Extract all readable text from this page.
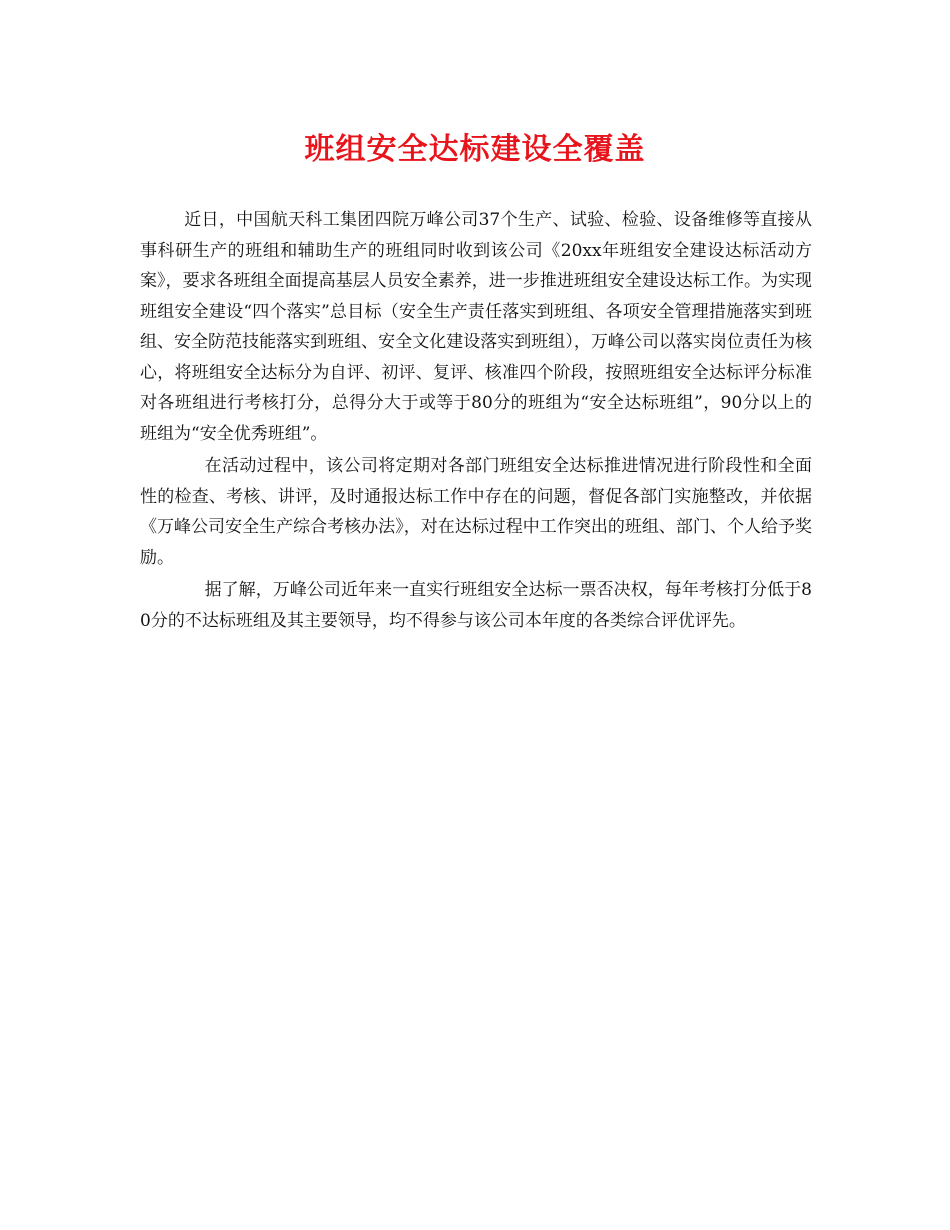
班组安全达标建设全覆盖

近日，中国航天科工集团四院万峰公司37个生产、试验、检验、设备维修等直接从事科研生产的班组和辅助生产的班组同时收到该公司《20xx年班组安全建设达标活动方案》，要求各班组全面提高基层人员安全素养，进一步推进班组安全建设达标工作。为实现班组安全建设“四个落实”总目标（安全生产责任落实到班组、各项安全管理措施落实到班组、安全防范技能落实到班组、安全文化建设落实到班组），万峰公司以落实岗位责任为核心，将班组安全达标分为自评、初评、复评、核准四个阶段，按照班组安全达标评分标准对各班组进行考核打分，总得分大于或等于80分的班组为“安全达标班组”，90分以上的班组为“安全优秀班组”。

在活动过程中，该公司将定期对各部门班组安全达标推进情况进行阶段性和全面性的检查、考核、讲评，及时通报达标工作中存在的问题，督促各部门实施整改，并依据《万峰公司安全生产综合考核办法》，对在达标过程中工作突出的班组、部门、个人给予奖励。

据了解，万峰公司近年来一直实行班组安全达标一票否决权，每年考核打分低于80分的不达标班组及其主要领导，均不得参与该公司本年度的各类综合评优评先。
